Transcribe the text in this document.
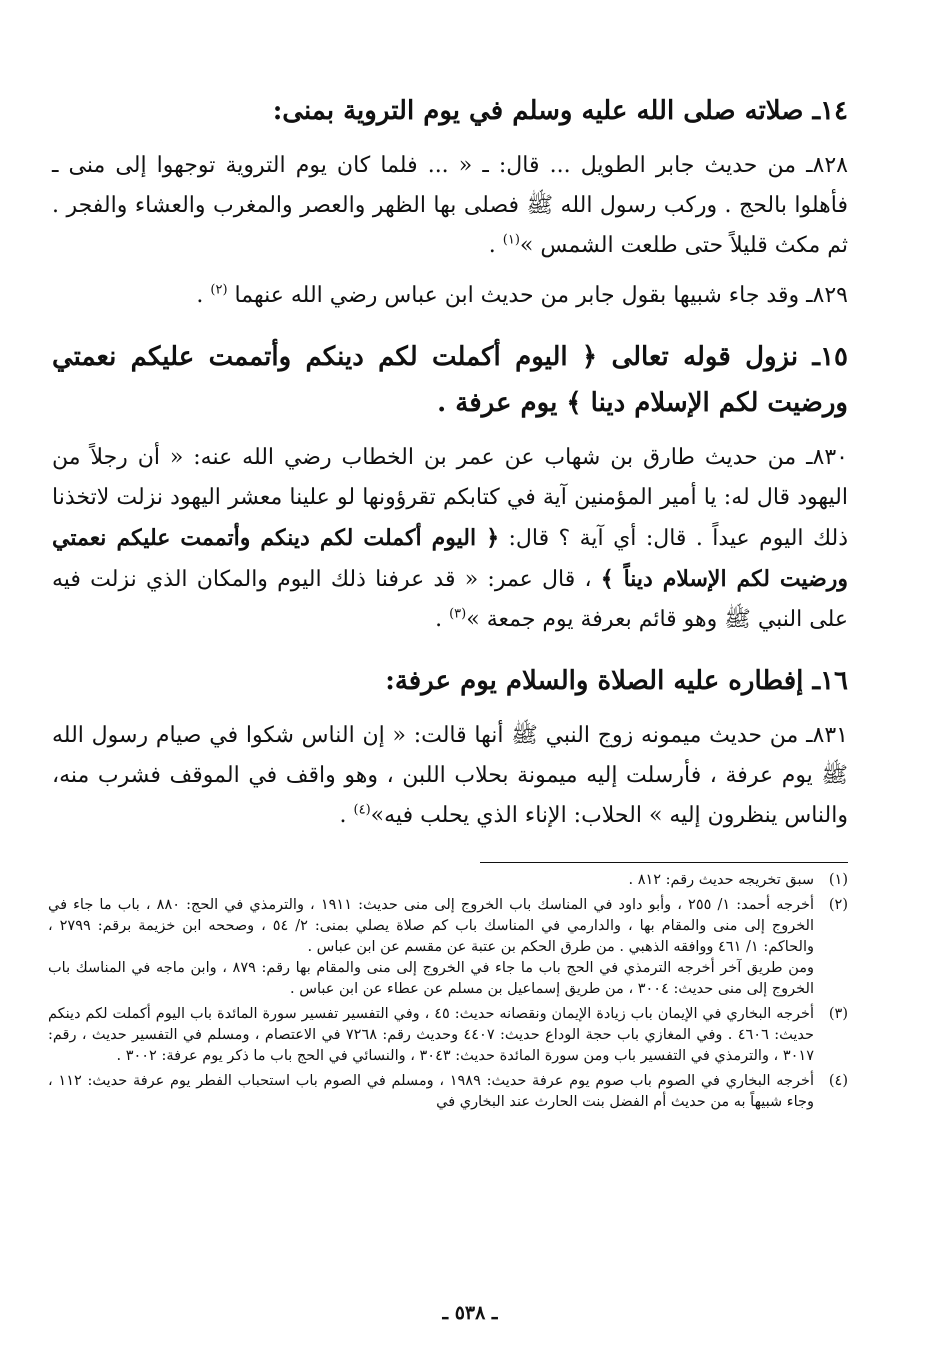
١٤ـ صلاته صلى الله عليه وسلم في يوم التروية بمنى:

٨٢٨ـ من حديث جابر الطويل ... قال: ـ « ... فلما كان يوم التروية توجهوا إلى منى ـ فأهلوا بالحج . وركب رسول الله ﷺ فصلى بها الظهر والعصر والمغرب والعشاء والفجر . ثم مكث قليلاً حتى طلعت الشمس »$^{(١)}$ .

٨٢٩ـ وقد جاء شبيها بقول جابر من حديث ابن عباس رضي الله عنهما $^{(٢)}$ .

١٥ـ نزول قوله تعالى ﴿ اليوم أكملت لكم دينكم وأتممت عليكم نعمتي ورضيت لكم الإسلام دينا ﴾ يوم عرفة .

٨٣٠ـ من حديث طارق بن شهاب عن عمر بن الخطاب رضي الله عنه: « أن رجلاً من اليهود قال له: يا أمير المؤمنين آية في كتابكم تقرؤونها لو علينا معشر اليهود نزلت لاتخذنا ذلك اليوم عيداً . قال: أي آية ؟ قال: ﴿ اليوم أكملت لكم دينكم وأتممت عليكم نعمتي ورضيت لكم الإسلام ديناً ﴾ ، قال عمر: « قد عرفنا ذلك اليوم والمكان الذي نزلت فيه على النبي ﷺ وهو قائم بعرفة يوم جمعة »$^{(٣)}$ .

١٦ـ إفطاره عليه الصلاة والسلام يوم عرفة:

٨٣١ـ من حديث ميمونه زوج النبي ﷺ أنها قالت: « إن الناس شكوا في صيام رسول الله ﷺ يوم عرفة ، فأرسلت إليه ميمونة بحلاب اللبن ، وهو واقف في الموقف فشرب منه، والناس ينظرون إليه » الحلاب: الإناء الذي يحلب فيه»$^{(٤)}$ .

(١)

سبق تخريجه حديث رقم: ٨١٢ .

(٢)

أخرجه أحمد: ١/ ٢٥٥ ، وأبو داود في المناسك باب الخروج إلى منى حديث: ١٩١١ ، والترمذي في الحج: ٨٨٠ ، باب ما جاء في الخروج إلى منى والمقام بها ، والدارمي في المناسك باب كم صلاة يصلي بمنى: ٢/ ٥٤ ، وصححه ابن خزيمة برقم: ٢٧٩٩ ، والحاكم: ١/ ٤٦١ ووافقه الذهبي . من طرق الحكم بن عتبة عن مقسم عن ابن عباس .

ومن طريق آخر أخرجه الترمذي في الحج باب ما جاء في الخروج إلى منى والمقام بها رقم: ٨٧٩ ، وابن ماجه في المناسك باب الخروج إلى منى حديث: ٣٠٠٤ ، من طريق إسماعيل بن مسلم عن عطاء عن ابن عباس .

(٣)

أخرجه البخاري في الإيمان باب زيادة الإيمان ونقصانه حديث: ٤٥ ، وفي التفسير تفسير سورة المائدة باب اليوم أكملت لكم دينكم حديث: ٤٦٠٦ . وفي المغازي باب حجة الوداع حديث: ٤٤٠٧ وحديث رقم: ٧٢٦٨ في الاعتصام ، ومسلم في التفسير حديث ، رقم: ٣٠١٧ ، والترمذي في التفسير باب ومن سورة المائدة حديث: ٣٠٤٣ ، والنسائي في الحج باب ما ذكر يوم عرفة: ٣٠٠٢ .

(٤)

أخرجه البخاري في الصوم باب صوم يوم عرفة حديث: ١٩٨٩ ، ومسلم في الصوم باب استحباب الفطر يوم عرفة حديث: ١١٢ ، وجاء شبيهاً به من حديث أم الفضل بنت الحارث عند البخاري في

ـ ٥٣٨ ـ
